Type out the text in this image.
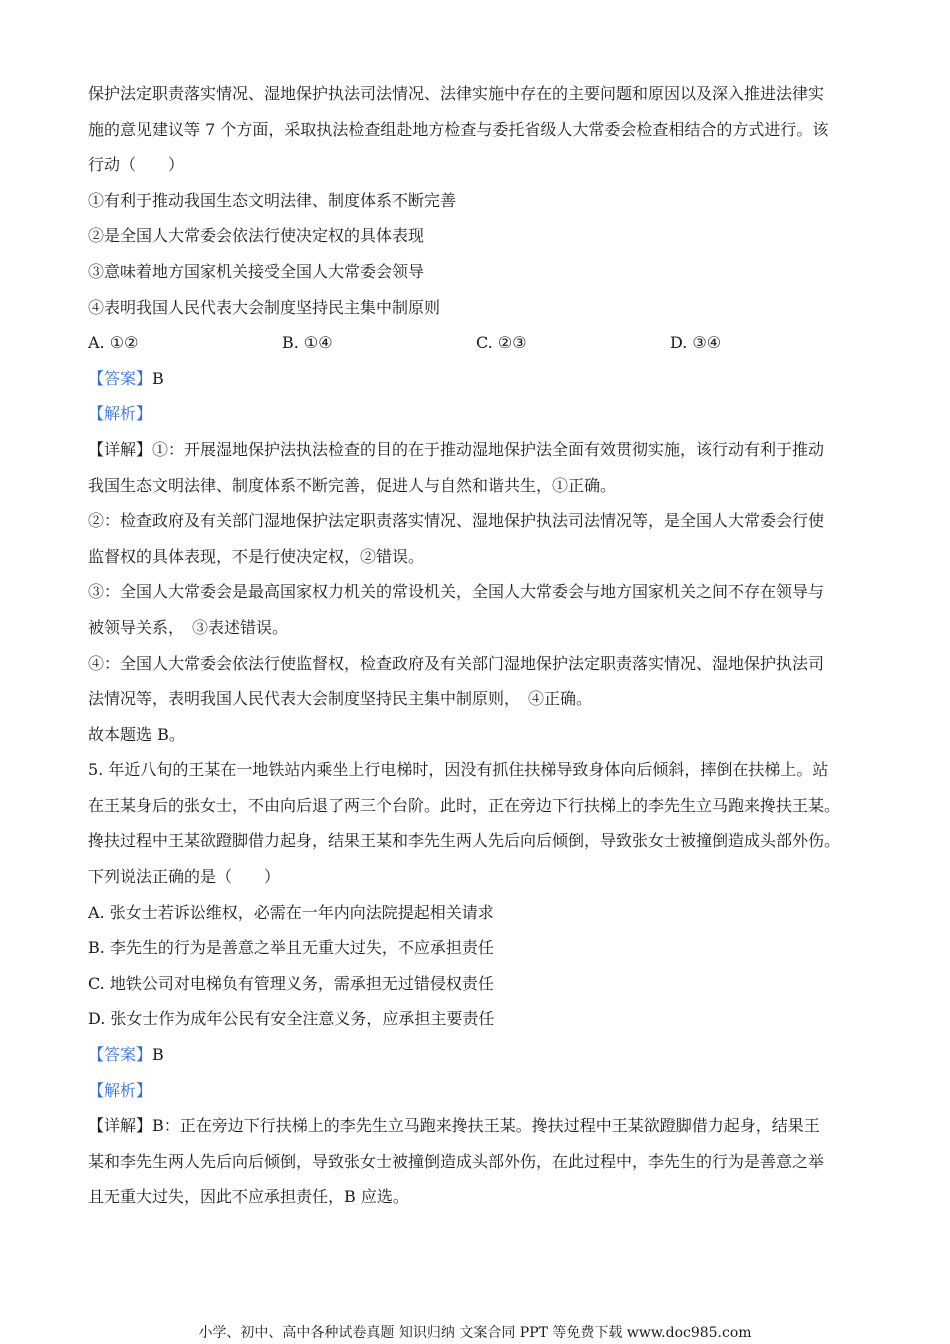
保护法定职责落实情况、湿地保护执法司法情况、法律实施中存在的主要问题和原因以及深入推进法律实

施的意见建议等 7 个方面，采取执法检查组赴地方检查与委托省级人大常委会检查相结合的方式进行。该

行动（　　）

①有利于推动我国生态文明法律、制度体系不断完善

②是全国人大常委会依法行使决定权的具体表现

③意味着地方国家机关接受全国人大常委会领导

④表明我国人民代表大会制度坚持民主集中制原则

A. ①②	B. ①④	C. ②③	D. ③④

【答案】B

【解析】

【详解】①：开展湿地保护法执法检查的目的在于推动湿地保护法全面有效贯彻实施，该行动有利于推动

我国生态文明法律、制度体系不断完善，促进人与自然和谐共生，①正确。

②：检查政府及有关部门湿地保护法定职责落实情况、湿地保护执法司法情况等，是全国人大常委会行使

监督权的具体表现，不是行使决定权，②错误。

③：全国人大常委会是最高国家权力机关的常设机关，全国人大常委会与地方国家机关之间不存在领导与

被领导关系，　③表述错误。

④：全国人大常委会依法行使监督权，检查政府及有关部门湿地保护法定职责落实情况、湿地保护执法司

法情况等，表明我国人民代表大会制度坚持民主集中制原则，　④正确。

故本题选 B。

5. 年近八旬的王某在一地铁站内乘坐上行电梯时，因没有抓住扶梯导致身体向后倾斜，摔倒在扶梯上。站

在王某身后的张女士，不由向后退了两三个台阶。此时，正在旁边下行扶梯上的李先生立马跑来搀扶王某。

搀扶过程中王某欲蹬脚借力起身，结果王某和李先生两人先后向后倾倒，导致张女士被撞倒造成头部外伤。

下列说法正确的是（　　）

A. 张女士若诉讼维权，必需在一年内向法院提起相关请求

B. 李先生的行为是善意之举且无重大过失，不应承担责任

C. 地铁公司对电梯负有管理义务，需承担无过错侵权责任

D. 张女士作为成年公民有安全注意义务，应承担主要责任

【答案】B

【解析】

【详解】B：正在旁边下行扶梯上的李先生立马跑来搀扶王某。搀扶过程中王某欲蹬脚借力起身，结果王

某和李先生两人先后向后倾倒，导致张女士被撞倒造成头部外伤，在此过程中，李先生的行为是善意之举

且无重大过失，因此不应承担责任，B 应选。

小学、初中、高中各种试卷真题 知识归纳 文案合同 PPT 等免费下载 www.doc985.com
